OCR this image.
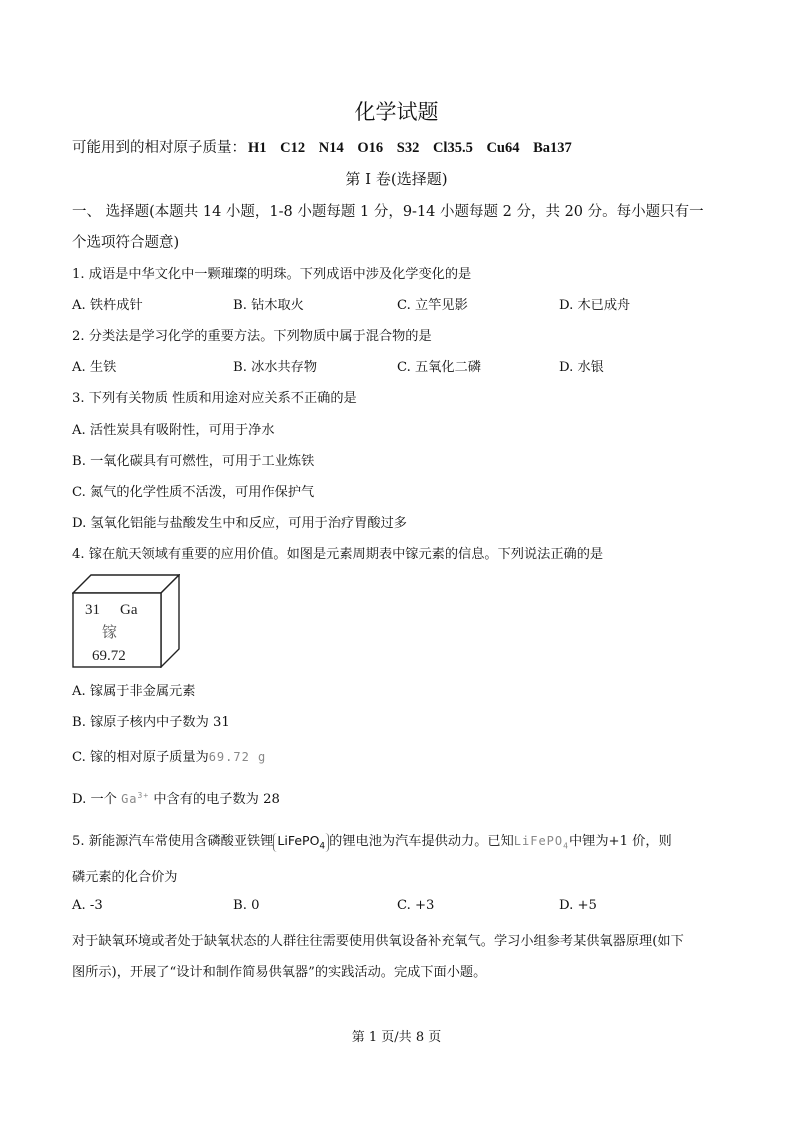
化学试题
可能用到的相对原子质量： H1 C12 N14 O16 S32 Cl35.5 Cu64 Ba137
第 I 卷(选择题)
一、 选择题(本题共 14 小题，1-8 小题每题 1 分，9-14 小题每题 2 分，共 20 分。每小题只有一
个选项符合题意)
1. 成语是中华文化中一颗璀璨的明珠。下列成语中涉及化学变化的是
A. 铁杵成针	B. 钻木取火	C. 立竿见影	D. 木已成舟
2. 分类法是学习化学的重要方法。下列物质中属于混合物的是
A. 生铁	B. 冰水共存物	C. 五氧化二磷	D. 水银
3. 下列有关物质 性质和用途对应关系不正确的是
A. 活性炭具有吸附性，可用于净水
B. 一氧化碳具有可燃性，可用于工业炼铁
C. 氮气的化学性质不活泼，可用作保护气
D. 氢氧化铝能与盐酸发生中和反应，可用于治疗胃酸过多
4. 镓在航天领域有重要的应用价值。如图是元素周期表中镓元素的信息。下列说法正确的是
31 Ga
镓
69.72
A. 镓属于非金属元素
B. 镓原子核内中子数为 31
C. 镓的相对原子质量为69.72 g
D. 一个 $Ga^{3+}$ 中含有的电子数为 28
5. 新能源汽车常使用含磷酸亚铁锂 LiFePO$_4$ 的锂电池为汽车提供动力。已知LiFePO$_4$中锂为+1 价，则
磷元素的化合价为
A. -3	B. 0	C. +3	D. +5
对于缺氧环境或者处于缺氧状态的人群往往需要使用供氧设备补充氧气。学习小组参考某供氧器原理(如下
图所示)，开展了“设计和制作简易供氧器”的实践活动。完成下面小题。
第 1 页/共 8 页
